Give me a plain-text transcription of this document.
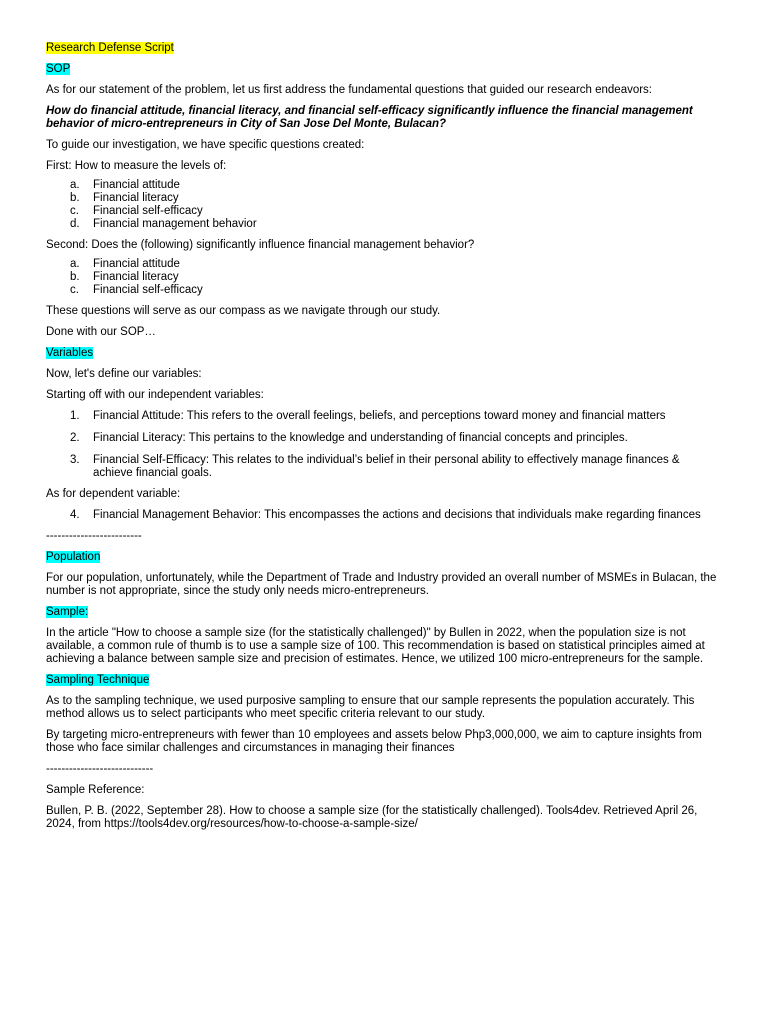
Research Defense Script

SOP

As for our statement of the problem, let us first address the fundamental questions that guided our research endeavors:

How do financial attitude, financial literacy, and financial self-efficacy significantly influence the financial management behavior of micro-entrepreneurs in City of San Jose Del Monte, Bulacan?

To guide our investigation, we have specific questions created:

First: How to measure the levels of:

a. Financial attitude
b. Financial literacy
c. Financial self-efficacy
d. Financial management behavior

Second: Does the (following) significantly influence financial management behavior?

a. Financial attitude
b. Financial literacy
c. Financial self-efficacy

These questions will serve as our compass as we navigate through our study.

Done with our SOP…

Variables

Now, let's define our variables:

Starting off with our independent variables:

1. Financial Attitude: This refers to the overall feelings, beliefs, and perceptions toward money and financial matters
2. Financial Literacy: This pertains to the knowledge and understanding of financial concepts and principles.
3. Financial Self-Efficacy: This relates to the individual’s belief in their personal ability to effectively manage finances & achieve financial goals.

As for dependent variable:

4. Financial Management Behavior: This encompasses the actions and decisions that individuals make regarding finances

-------------------------

Population

For our population, unfortunately, while the Department of Trade and Industry provided an overall number of MSMEs in Bulacan, the number is not appropriate, since the study only needs micro-entrepreneurs.

Sample:

In the article "How to choose a sample size (for the statistically challenged)" by Bullen in 2022, when the population size is not available, a common rule of thumb is to use a sample size of 100. This recommendation is based on statistical principles aimed at achieving a balance between sample size and precision of estimates. Hence, we utilized 100 micro-entrepreneurs for the sample.

Sampling Technique

As to the sampling technique, we used purposive sampling to ensure that our sample represents the population accurately. This method allows us to select participants who meet specific criteria relevant to our study.

By targeting micro-entrepreneurs with fewer than 10 employees and assets below Php3,000,000, we aim to capture insights from those who face similar challenges and circumstances in managing their finances

----------------------------

Sample Reference:

Bullen, P. B. (2022, September 28). How to choose a sample size (for the statistically challenged). Tools4dev. Retrieved April 26, 2024, from https://tools4dev.org/resources/how-to-choose-a-sample-size/
